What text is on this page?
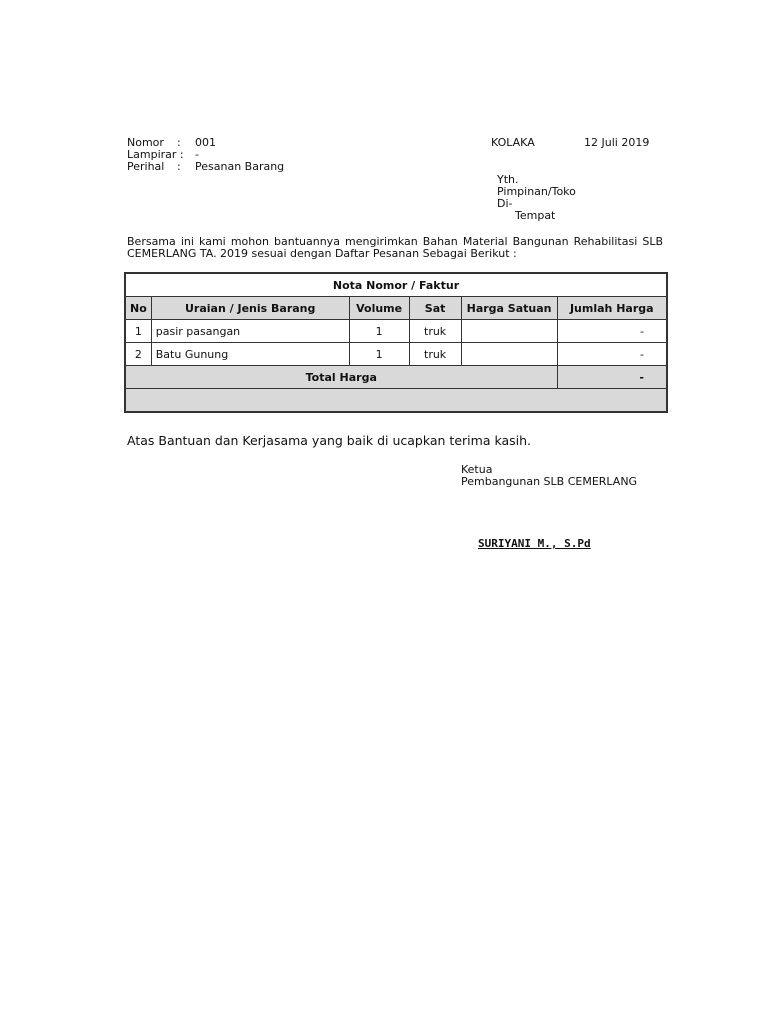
Nomor : 001
Lampirar : -
Perihal : Pesanan Barang
KOLAKA	12 Juli 2019
Yth.
Pimpinan/Toko
Di-
Tempat
Bersama ini kami mohon bantuannya mengirimkan Bahan Material Bangunan Rehabilitasi SLB CEMERLANG TA. 2019 sesuai dengan Daftar Pesanan Sebagai Berikut :
Nota Nomor / Faktur					
No	Uraian / Jenis Barang	Volume	Sat	Harga Satuan	Jumlah Harga
1	pasir pasangan	1	truk		-
2	Batu Gunung	1	truk		-
Total Harga					-

Atas Bantuan dan Kerjasama yang baik di ucapkan terima kasih.
Ketua
Pembangunan SLB CEMERLANG
SURIYANI M., S.Pd
